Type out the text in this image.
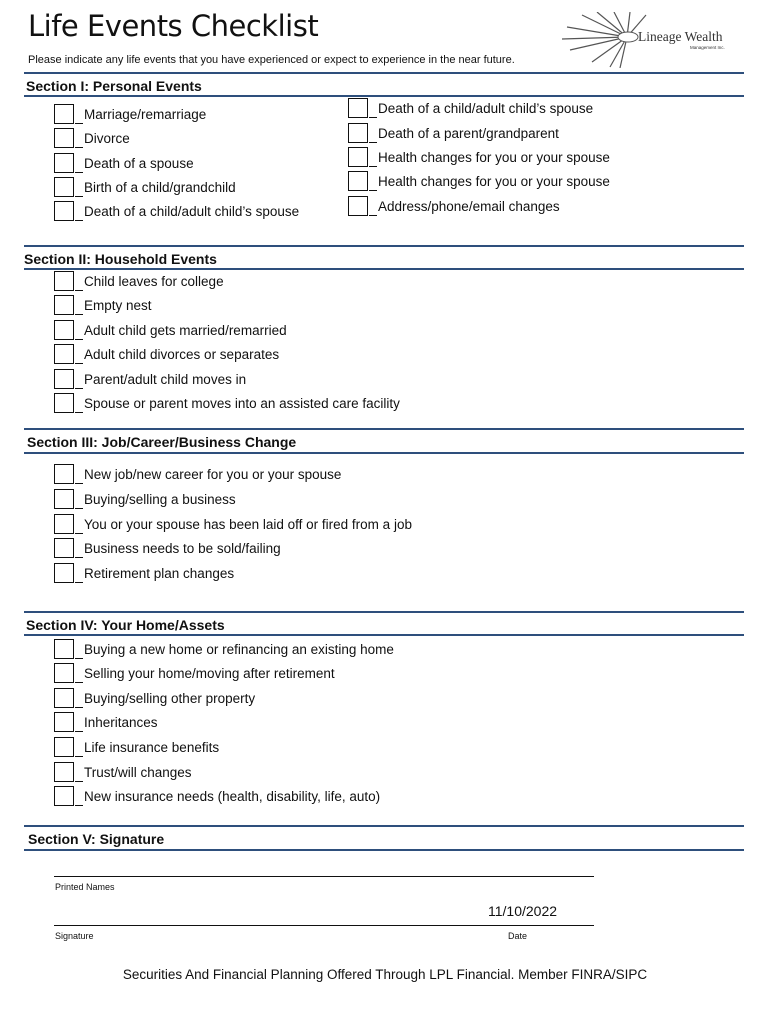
Life Events Checklist
Please indicate any life events that you have experienced or expect to experience in the near future.
Lineage Wealth
Management Inc.
Section I: Personal Events
Marriage/remarriage
Divorce
Death of a spouse
Birth of a child/grandchild
Death of a child/adult child’s spouse
Death of a child/adult child’s spouse
Death of a parent/grandparent
Health changes for you or your spouse
Health changes for you or your spouse
Address/phone/email changes
Section II: Household Events
Child leaves for college
Empty nest
Adult child gets married/remarried
Adult child divorces or separates
Parent/adult child moves in
Spouse or parent moves into an assisted care facility
Section III: Job/Career/Business Change
New job/new career for you or your spouse
Buying/selling a business
You or your spouse has been laid off or fired from a job
Business needs to be sold/failing
Retirement plan changes
Section IV: Your Home/Assets
Buying a new home or refinancing an existing home
Selling your home/moving after retirement
Buying/selling other property
Inheritances
Life insurance benefits
Trust/will changes
New insurance needs (health, disability, life, auto)
Section V: Signature
Printed Names
11/10/2022
Signature	Date
Securities And Financial Planning Offered Through LPL Financial. Member FINRA/SIPC
